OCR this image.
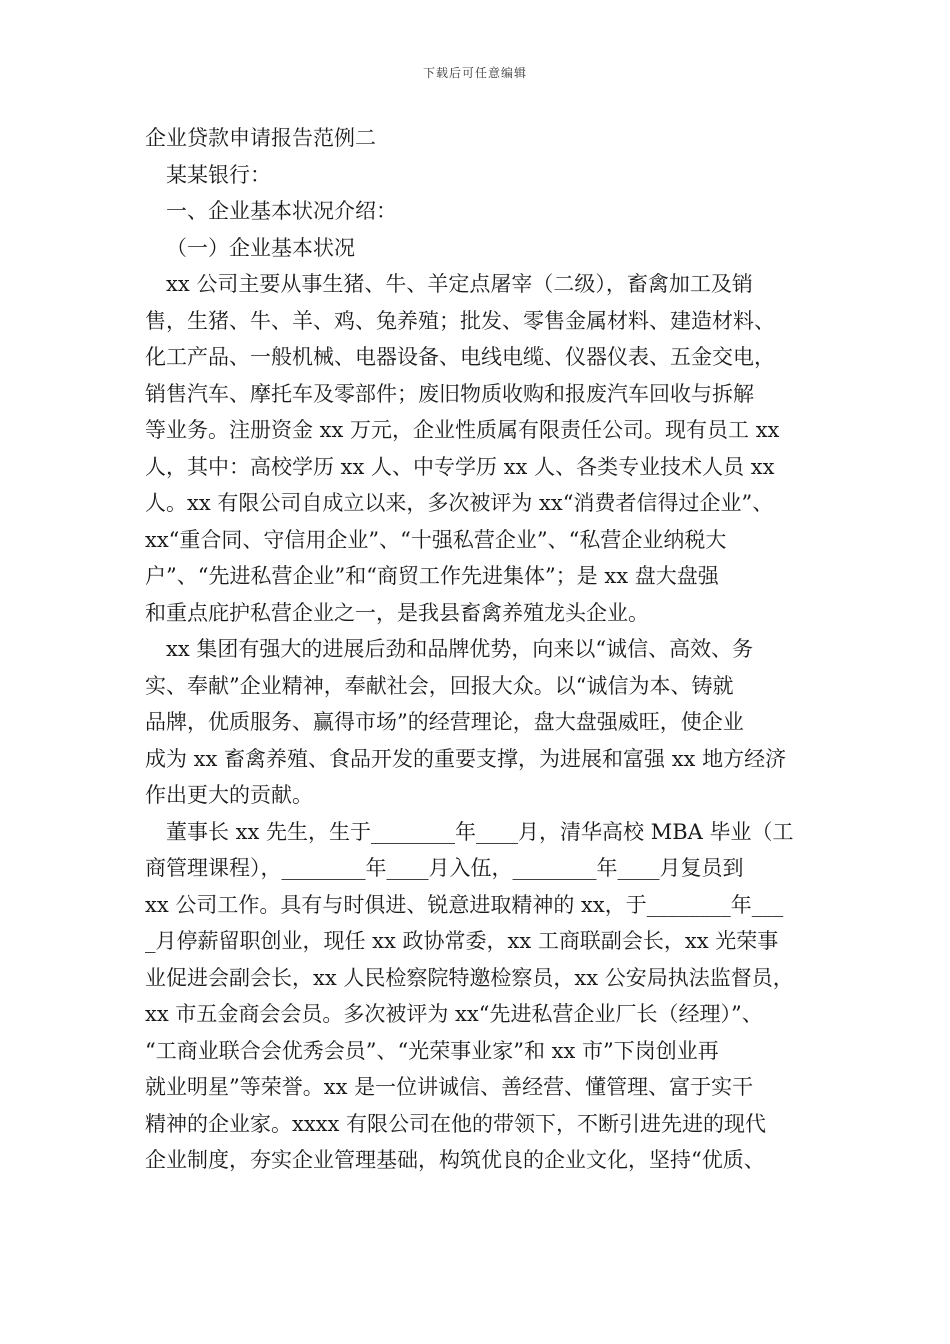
下载后可任意编辑

企业贷款申请报告范例二

某某银行：

一、企业基本状况介绍：

（一）企业基本状况

xx 公司主要从事生猪、牛、羊定点屠宰（二级），畜禽加工及销

售，生猪、牛、羊、鸡、兔养殖；批发、零售金属材料、建造材料、

化工产品、一般机械、电器设备、电线电缆、仪器仪表、五金交电，

销售汽车、摩托车及零部件；废旧物质收购和报废汽车回收与拆解

等业务。注册资金 xx 万元，企业性质属有限责任公司。现有员工 xx

人，其中：高校学历 xx 人、中专学历 xx 人、各类专业技术人员 xx

人。xx 有限公司自成立以来，多次被评为 xx“消费者信得过企业”、

xx“重合同、守信用企业”、“十强私营企业”、“私营企业纳税大

户”、“先进私营企业”和“商贸工作先进集体”；是 xx 盘大盘强

和重点庇护私营企业之一，是我县畜禽养殖龙头企业。

xx 集团有强大的进展后劲和品牌优势，向来以“诚信、高效、务

实、奉献”企业精神，奉献社会，回报大众。以“诚信为本、铸就

品牌，优质服务、赢得市场”的经营理论，盘大盘强威旺，使企业

成为 xx 畜禽养殖、食品开发的重要支撑，为进展和富强 xx 地方经济

作出更大的贡献。

董事长 xx 先生，生于________年____月，清华高校 MBA 毕业（工

商管理课程），________年____月入伍，________年____月复员到

xx 公司工作。具有与时俱进、锐意进取精神的 xx，于________年___

_月停薪留职创业，现任 xx 政协常委，xx 工商联副会长，xx 光荣事

业促进会副会长，xx 人民检察院特邀检察员，xx 公安局执法监督员，

xx 市五金商会会员。多次被评为 xx“先进私营企业厂长（经理）”、

“工商业联合会优秀会员”、“光荣事业家”和 xx 市”下岗创业再

就业明星”等荣誉。xx 是一位讲诚信、善经营、懂管理、富于实干

精神的企业家。xxxx 有限公司在他的带领下，不断引进先进的现代

企业制度，夯实企业管理基础，构筑优良的企业文化，坚持“优质、
